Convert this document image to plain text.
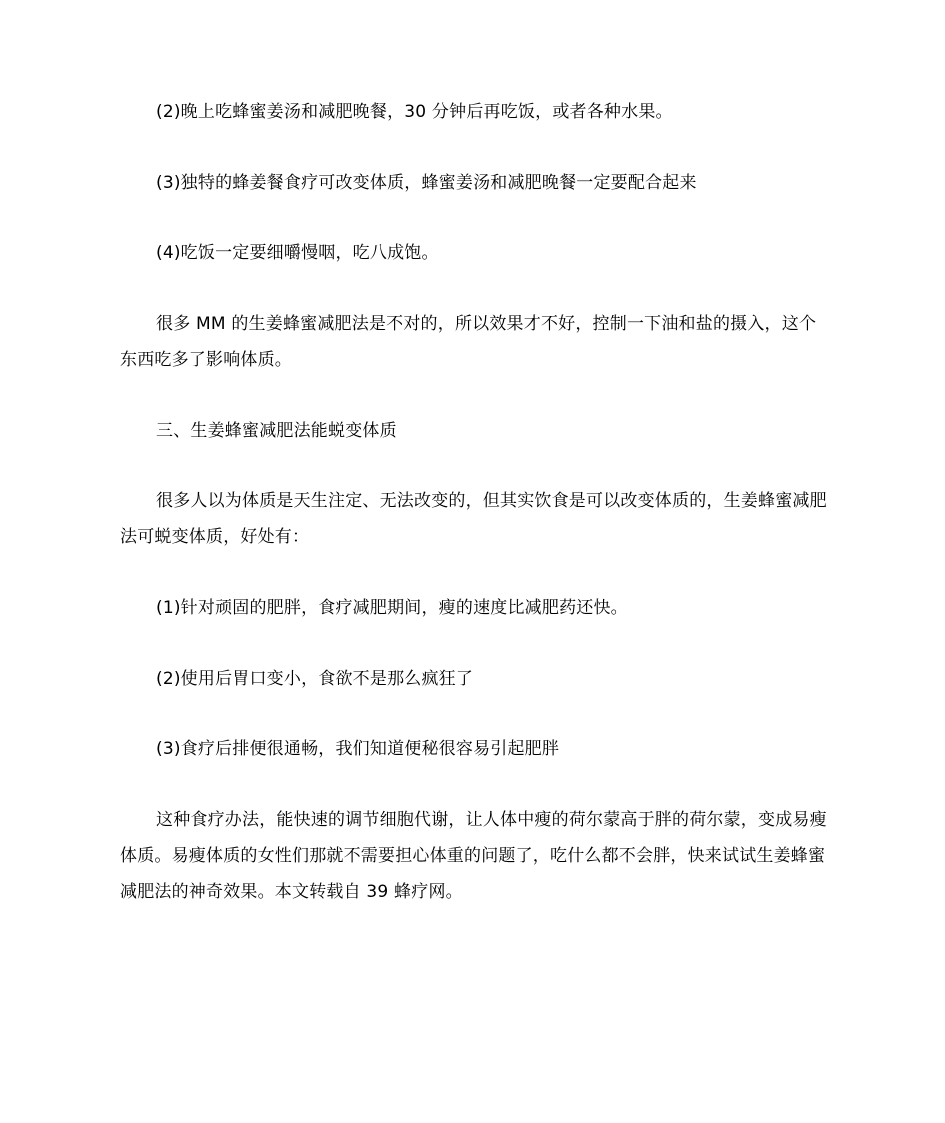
(2)晚上吃蜂蜜姜汤和减肥晚餐，30 分钟后再吃饭，或者各种水果。

(3)独特的蜂姜餐食疗可改变体质，蜂蜜姜汤和减肥晚餐一定要配合起来

(4)吃饭一定要细嚼慢咽，吃八成饱。

很多 MM 的生姜蜂蜜减肥法是不对的，所以效果才不好，控制一下油和盐的摄入，这个东西吃多了影响体质。

三、生姜蜂蜜减肥法能蜕变体质

很多人以为体质是天生注定、无法改变的，但其实饮食是可以改变体质的，生姜蜂蜜减肥法可蜕变体质，好处有：

(1)针对顽固的肥胖，食疗减肥期间，瘦的速度比减肥药还快。

(2)使用后胃口变小，食欲不是那么疯狂了

(3)食疗后排便很通畅，我们知道便秘很容易引起肥胖

这种食疗办法，能快速的调节细胞代谢，让人体中瘦的荷尔蒙高于胖的荷尔蒙，变成易瘦体质。易瘦体质的女性们那就不需要担心体重的问题了，吃什么都不会胖，快来试试生姜蜂蜜减肥法的神奇效果。本文转载自 39 蜂疗网。
